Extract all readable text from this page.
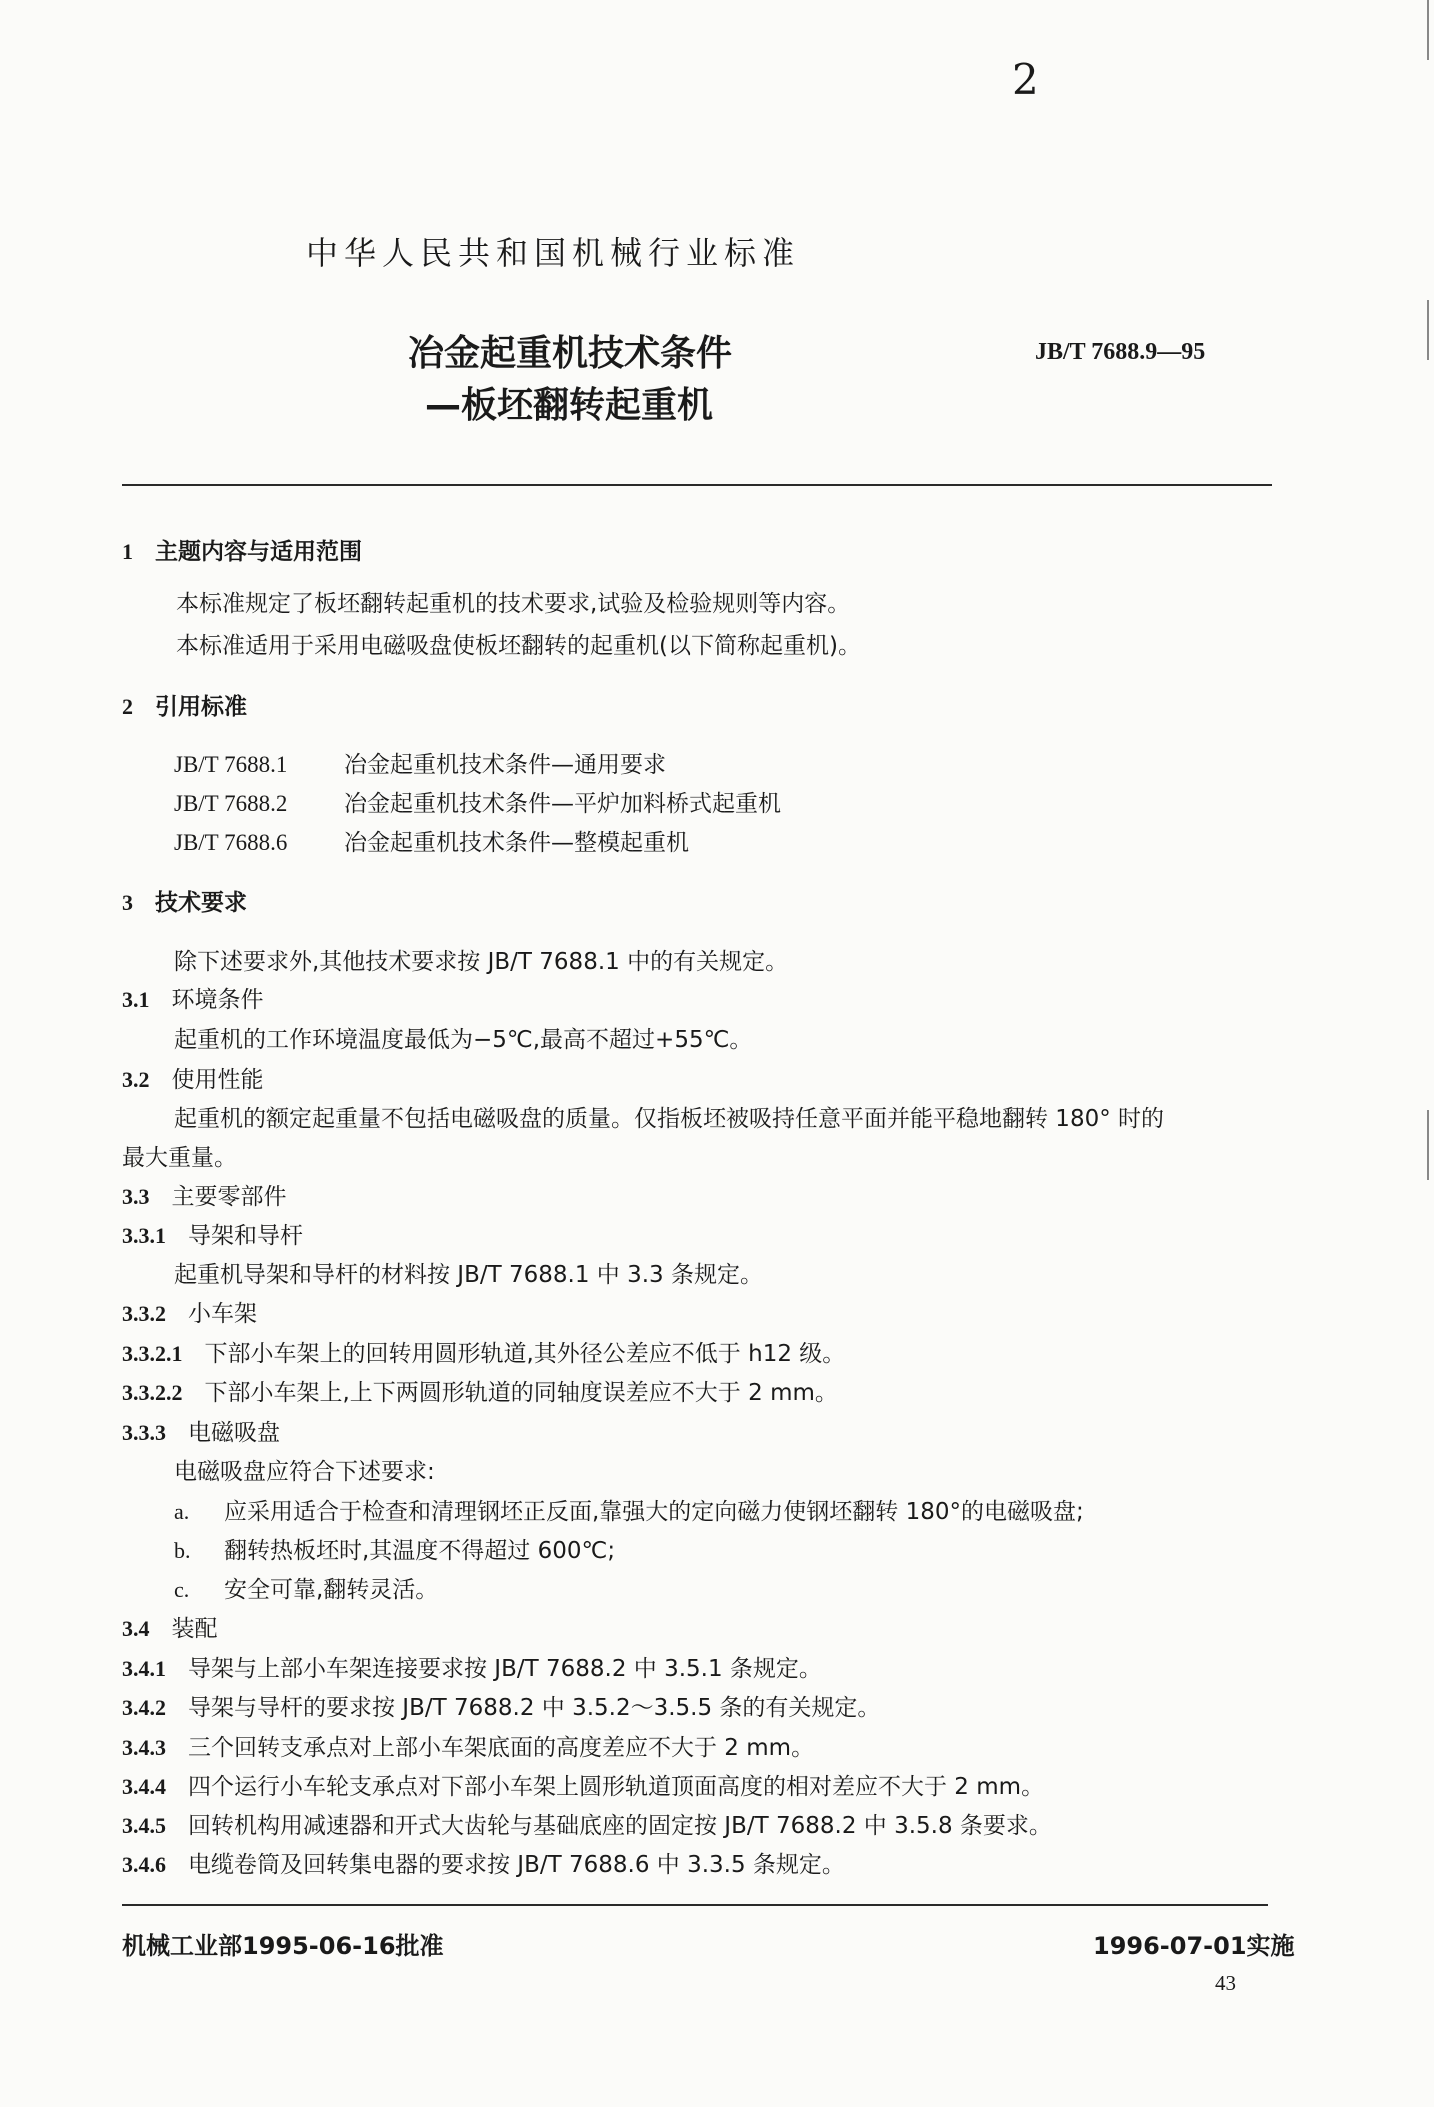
2
中华人民共和国机械行业标准
冶金起重机技术条件
—板坯翻转起重机
JB/T 7688.9—95
1 主题内容与适用范围
本标准规定了板坯翻转起重机的技术要求,试验及检验规则等内容。
本标准适用于采用电磁吸盘使板坯翻转的起重机(以下简称起重机)。
2 引用标准
JB/T 7688.1 冶金起重机技术条件—通用要求
JB/T 7688.2 冶金起重机技术条件—平炉加料桥式起重机
JB/T 7688.6 冶金起重机技术条件—整模起重机
3 技术要求
除下述要求外,其他技术要求按 JB/T 7688.1 中的有关规定。
3.1 环境条件
起重机的工作环境温度最低为−5℃,最高不超过+55℃。
3.2 使用性能
起重机的额定起重量不包括电磁吸盘的质量。仅指板坯被吸持任意平面并能平稳地翻转 180° 时的
最大重量。
3.3 主要零部件
3.3.1 导架和导杆
起重机导架和导杆的材料按 JB/T 7688.1 中 3.3 条规定。
3.3.2 小车架
3.3.2.1 下部小车架上的回转用圆形轨道,其外径公差应不低于 h12 级。
3.3.2.2 下部小车架上,上下两圆形轨道的同轴度误差应不大于 2 mm。
3.3.3 电磁吸盘
电磁吸盘应符合下述要求:
a. 应采用适合于检查和清理钢坯正反面,靠强大的定向磁力使钢坯翻转 180°的电磁吸盘;
b. 翻转热板坯时,其温度不得超过 600℃;
c. 安全可靠,翻转灵活。
3.4 装配
3.4.1 导架与上部小车架连接要求按 JB/T 7688.2 中 3.5.1 条规定。
3.4.2 导架与导杆的要求按 JB/T 7688.2 中 3.5.2～3.5.5 条的有关规定。
3.4.3 三个回转支承点对上部小车架底面的高度差应不大于 2 mm。
3.4.4 四个运行小车轮支承点对下部小车架上圆形轨道顶面高度的相对差应不大于 2 mm。
3.4.5 回转机构用减速器和开式大齿轮与基础底座的固定按 JB/T 7688.2 中 3.5.8 条要求。
3.4.6 电缆卷筒及回转集电器的要求按 JB/T 7688.6 中 3.3.5 条规定。
机械工业部1995-06-16批准	1996-07-01实施
43
